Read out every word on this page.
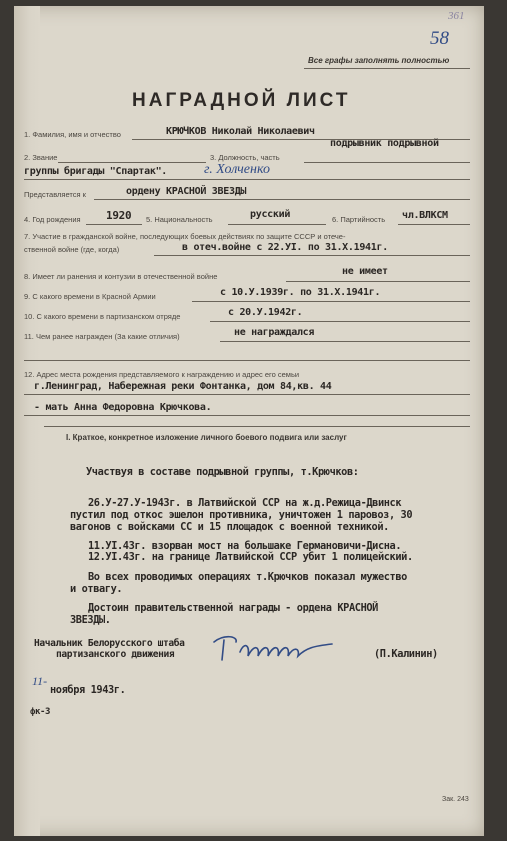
361
58
Все графы заполнять полностью
НАГРАДНОЙ ЛИСТ
1. Фамилия, имя и отчество	КРЮЧКОВ Николай Николаевич
2. Звание	3. Должность, часть
подрывник подрывной
группы бригады "Спартак".	г. Холченко
Представляется к	ордену КРАСНОЙ ЗВЕЗДЫ
4. Год рождения 1920 5. Национальность	русский	6. Партийность чл.ВЛКСМ
7. Участие в гражданской войне, последующих боевых действиях по защите СССР и отече-
ственной войне (где, когда)	в отеч.войне с 22.УI. по 31.Х.1941г.
8. Имеет ли ранения и контузии в отечественной войне	не имеет
9. С какого времени в Красной Армии	с 10.У.1939г. по 31.Х.1941г.
10. С какого времени в партизанском отряде	с 20.У.1942г.
11. Чем ранее награжден (За какие отличия)	не награждался
12. Адрес места рождения представляемого к награждению и адрес его семьи
г.Ленинград, Набережная реки Фонтанка, дом 84,кв. 44
- мать Анна Федоровна Крючкова.
I. Краткое, конкретное изложение личного боевого подвига или заслуг
Участвуя в составе подрывной группы, т.Крючков:
26.У-27.У-1943г. в Латвийской ССР на ж.д.Режица-Двинск
пустил под откос эшелон противника, уничтожен 1 паровоз, 30
вагонов с войсками СС и 15 площадок с военной техникой.
11.УI.43г. взорван мост на большаке Германовичи-Дисна.
12.УI.43г. на границе Латвийской ССР убит 1 полицейский.
Во всех проводимых операциях т.Крючков показал мужество
и отвагу.
Достоин правительственной награды - ордена КРАСНОЙ
ЗВЕЗДЫ.
Начальник Белорусского штаба
партизанского движения	(П.Калинин)
11-
ноября 1943г.
фк-3
Зак. 243
